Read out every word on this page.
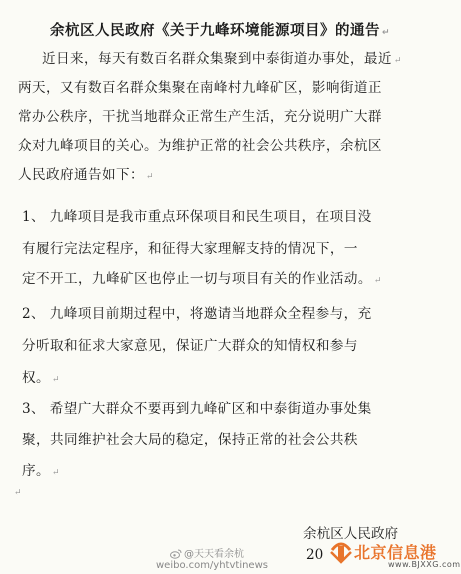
余杭区人民政府《关于九峰环境能源项目》的通告 ↵
近日来，每天有数百名群众集聚到中泰街道办事处，最近 ↵
两天，又有数百名群众集聚在南峰村九峰矿区，影响街道正
常办公秩序，干扰当地群众正常生产生活，充分说明广大群
众对九峰项目的关心。为维护正常的社会公共秩序，余杭区
人民政府通告如下： ↵
1、 九峰项目是我市重点环保项目和民生项目，在项目没
有履行完法定程序，和征得大家理解支持的情况下，一
定不开工，九峰矿区也停止一切与项目有关的作业活动。 ↵
2、 九峰项目前期过程中，将邀请当地群众全程参与，充
分听取和征求大家意见，保证广大群众的知情权和参与
权。 ↵
3、 希望广大群众不要再到九峰矿区和中泰街道办事处集
聚，共同维护社会大局的稳定，保持正常的社会公共秩
序。 ↵
↵
余杭区人民政府
20
@天天看余杭
weibo.com/yhtvtinews
北京信息港
www.BJXXG.com
